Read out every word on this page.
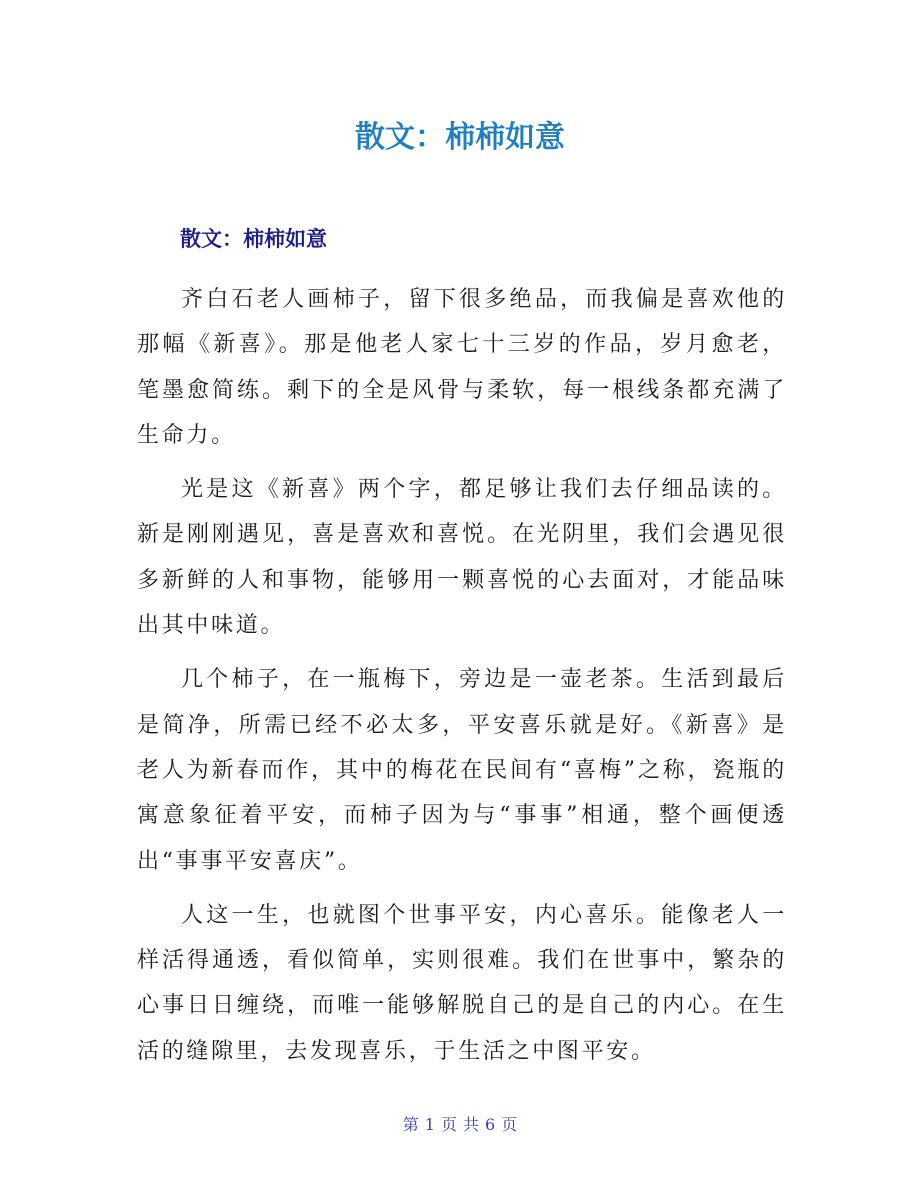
散文：柿柿如意
散文：柿柿如意

齐白石老人画柿子，留下很多绝品，而我偏是喜欢他的那幅《新喜》。那是他老人家七十三岁的作品，岁月愈老，笔墨愈简练。剩下的全是风骨与柔软，每一根线条都充满了生命力。

光是这《新喜》两个字，都足够让我们去仔细品读的。新是刚刚遇见，喜是喜欢和喜悦。在光阴里，我们会遇见很多新鲜的人和事物，能够用一颗喜悦的心去面对，才能品味出其中味道。

几个柿子，在一瓶梅下，旁边是一壶老茶。生活到最后是简净，所需已经不必太多，平安喜乐就是好。《新喜》是老人为新春而作，其中的梅花在民间有“喜梅”之称，瓷瓶的寓意象征着平安，而柿子因为与“事事”相通，整个画便透出“事事平安喜庆”。

人这一生，也就图个世事平安，内心喜乐。能像老人一样活得通透，看似简单，实则很难。我们在世事中，繁杂的心事日日缠绕，而唯一能够解脱自己的是自己的内心。在生活的缝隙里，去发现喜乐，于生活之中图平安。

第 1 页 共 6 页
